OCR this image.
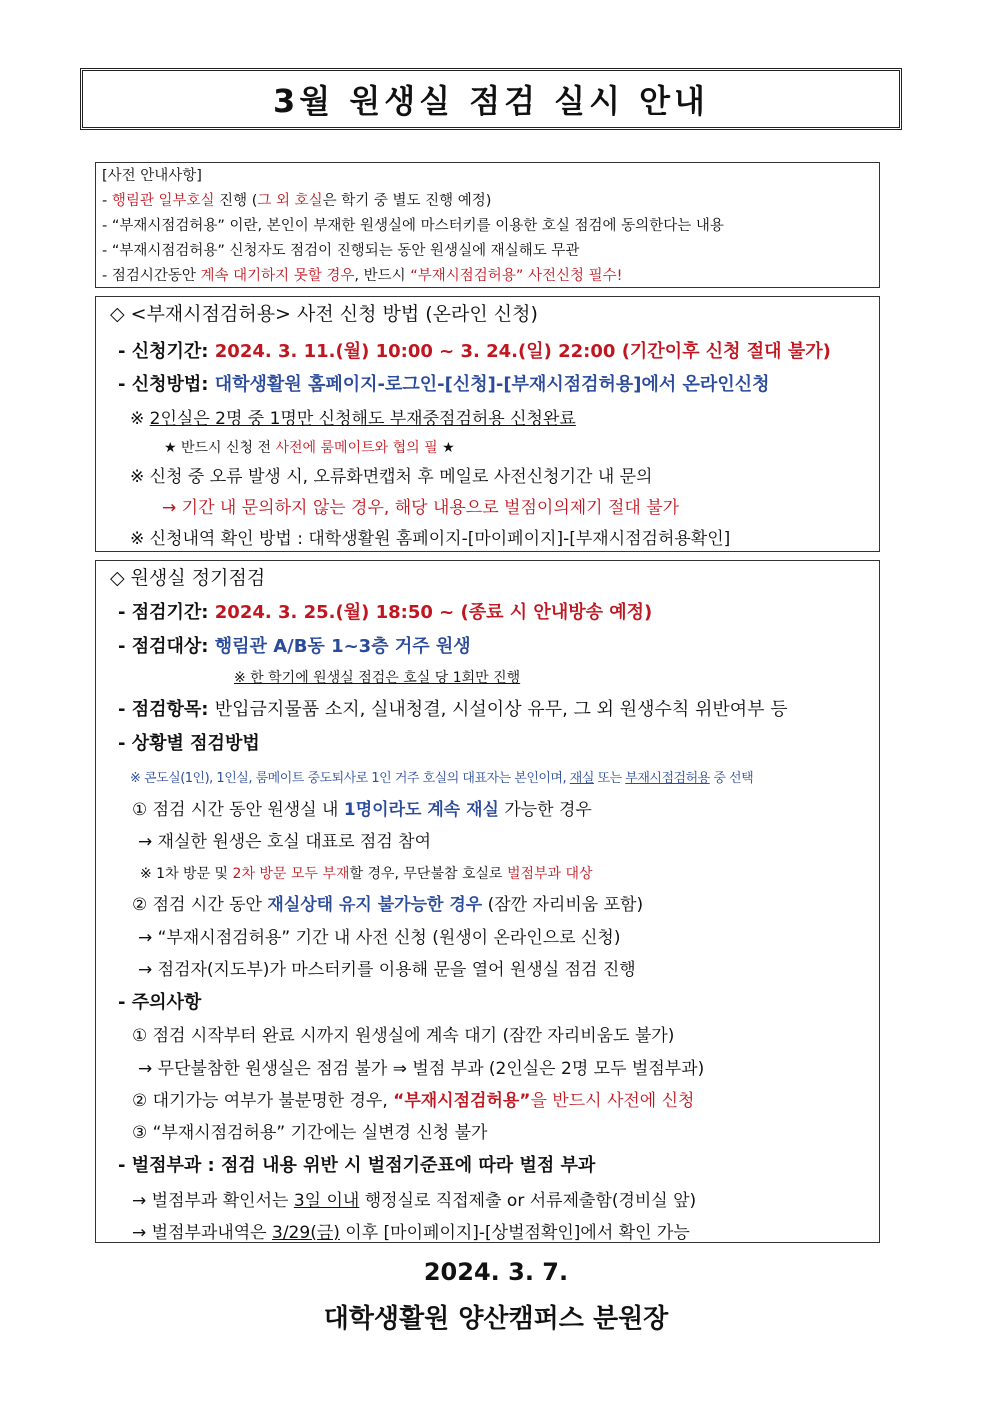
3월 원생실 점검 실시 안내
[사전 안내사항]
- 행림관 일부호실 진행 (그 외 호실은 학기 중 별도 진행 예정)
- “부재시점검허용” 이란, 본인이 부재한 원생실에 마스터키를 이용한 호실 점검에 동의한다는 내용
- “부재시점검허용” 신청자도 점검이 진행되는 동안 원생실에 재실해도 무관
- 점검시간동안 계속 대기하지 못할 경우, 반드시 “부재시점검허용” 사전신청 필수!
◇ <부재시점검허용> 사전 신청 방법 (온라인 신청)
- 신청기간: 2024. 3. 11.(월) 10:00 ~ 3. 24.(일) 22:00 (기간이후 신청 절대 불가)
- 신청방법: 대학생활원 홈페이지-로그인-[신청]-[부재시점검허용]에서 온라인신청
※ 2인실은 2명 중 1명만 신청해도 부재중점검허용 신청완료
★ 반드시 신청 전 사전에 룸메이트와 협의 필 ★
※ 신청 중 오류 발생 시, 오류화면캡처 후 메일로 사전신청기간 내 문의
→ 기간 내 문의하지 않는 경우, 해당 내용으로 벌점이의제기 절대 불가
※ 신청내역 확인 방법 : 대학생활원 홈페이지-[마이페이지]-[부재시점검허용확인]
◇ 원생실 정기점검
- 점검기간: 2024. 3. 25.(월) 18:50 ~ (종료 시 안내방송 예정)
- 점검대상: 행림관 A/B동 1~3층 거주 원생
※ 한 학기에 원생실 점검은 호실 당 1회만 진행
- 점검항목: 반입금지물품 소지, 실내청결, 시설이상 유무, 그 외 원생수칙 위반여부 등
- 상황별 점검방법
※ 콘도실(1인), 1인실, 룸메이트 중도퇴사로 1인 거주 호실의 대표자는 본인이며, 재실 또는 부재시점검허용 중 선택
① 점검 시간 동안 원생실 내 1명이라도 계속 재실 가능한 경우
→ 재실한 원생은 호실 대표로 점검 참여
※ 1차 방문 및 2차 방문 모두 부재할 경우, 무단불참 호실로 벌점부과 대상
② 점검 시간 동안 재실상태 유지 불가능한 경우 (잠깐 자리비움 포함)
→ “부재시점검허용” 기간 내 사전 신청 (원생이 온라인으로 신청)
→ 점검자(지도부)가 마스터키를 이용해 문을 열어 원생실 점검 진행
- 주의사항
① 점검 시작부터 완료 시까지 원생실에 계속 대기 (잠깐 자리비움도 불가)
→ 무단불참한 원생실은 점검 불가 ⇒ 벌점 부과 (2인실은 2명 모두 벌점부과)
② 대기가능 여부가 불분명한 경우, “부재시점검허용”을 반드시 사전에 신청
③ “부재시점검허용” 기간에는 실변경 신청 불가
- 벌점부과 : 점검 내용 위반 시 벌점기준표에 따라 벌점 부과
→ 벌점부과 확인서는 3일 이내 행정실로 직접제출 or 서류제출함(경비실 앞)
→ 벌점부과내역은 3/29(금) 이후 [마이페이지]-[상벌점확인]에서 확인 가능
2024. 3. 7.
대학생활원 양산캠퍼스 분원장
